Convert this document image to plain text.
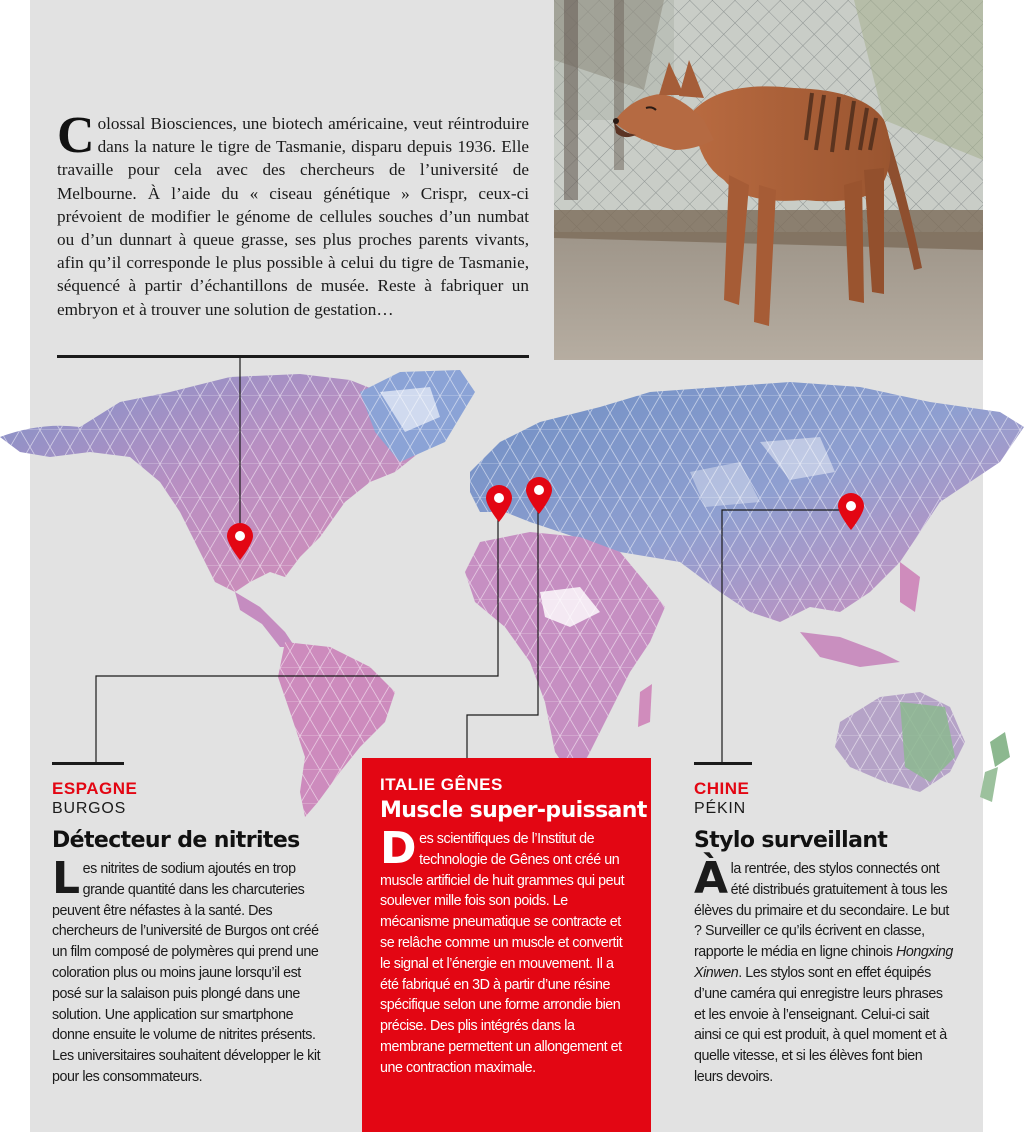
Colossal Biosciences, une biotech américaine, veut réintroduire dans la nature le tigre de Tasmanie, disparu depuis 1936. Elle travaille pour cela avec des chercheurs de l’université de Melbourne. À l’aide du « ciseau génétique » Crispr, ceux-ci prévoient de modifier le génome de cellules souches d’un numbat ou d’un dunnart à queue grasse, ses plus proches parents vivants, afin qu’il corresponde le plus possible à celui du tigre de Tasmanie, séquencé à partir d’échantillons de musée. Reste à fabriquer un embryon et à trouver une solution de gestation…

ESPAGNE
BURGOS
Détecteur de nitrites

Les nitrites de sodium ajoutés en trop grande quantité dans les charcuteries peuvent être néfastes à la santé. Des chercheurs de l’université de Burgos ont créé un film composé de polymères qui prend une coloration plus ou moins jaune lorsqu’il est posé sur la salaison puis plongé dans une solution. Une application sur smartphone donne ensuite le volume de nitrites présents. Les universitaires souhaitent développer le kit pour les consommateurs.

ITALIE GÊNES
Muscle super-puissant

Des scientifiques de l’Institut de technologie de Gênes ont créé un muscle artificiel de huit grammes qui peut soulever mille fois son poids. Le mécanisme pneumatique se contracte et se relâche comme un muscle et convertit le signal et l’énergie en mouvement. Il a été fabriqué en 3D à partir d’une résine spécifique selon une forme arrondie bien précise. Des plis intégrés dans la membrane permettent un allongement et une contraction maximale.

CHINE
PÉKIN
Stylo surveillant

À la rentrée, des stylos connectés ont été distribués gratuitement à tous les élèves du primaire et du secondaire. Le but ? Surveiller ce qu’ils écrivent en classe, rapporte le média en ligne chinois Hongxing Xinwen. Les stylos sont en effet équipés d’une caméra qui enregistre leurs phrases et les envoie à l’enseignant. Celui-ci sait ainsi ce qui est produit, à quel moment et à quelle vitesse, et si les élèves font bien leurs devoirs.
